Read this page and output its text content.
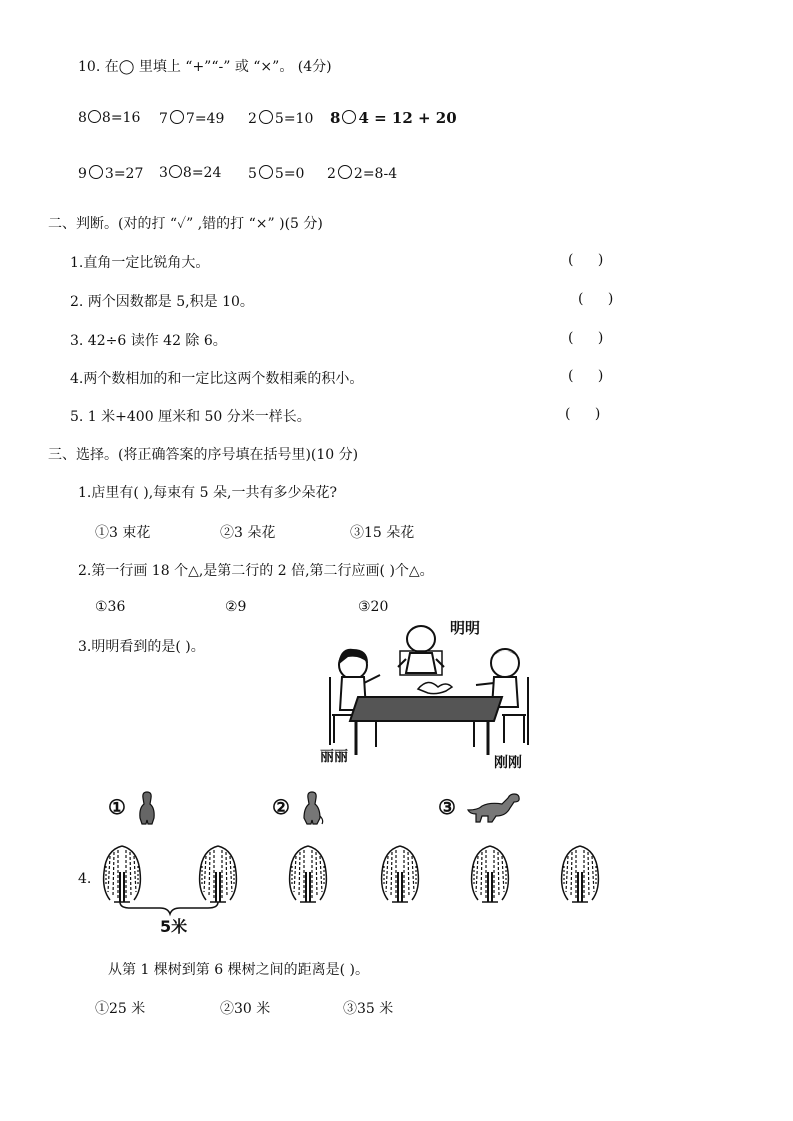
10. 在◯ 里填上 “+”“-” 或 “×”。 (4分)
8 8=16 7 7=49 2 5=10 8 4 = 12 + 20
9 3=27 3 8=24 5 5=0 2 2=8-4
二、判断。(对的打 “✓” ,错的打 “×” )(5 分)
1.直角一定比锐角大。	( )
2. 两个因数都是 5,积是 10。	( )
3. 42÷6 读作 42 除 6。	( )
4.两个数相加的和一定比这两个数相乘的积小。	( )
5. 1 米+400 厘米和 50 分米一样长。	( )
三、选择。(将正确答案的序号填在括号里)(10 分)
1.店里有( ),每束有 5 朵,一共有多少朵花?
①3 束花	②3 朵花	③15 朵花
2.第一行画 18 个△,是第二行的 2 倍,第二行应画( )个△。
①36	②9	③20
3.明明看到的是( )。
明明
丽丽	刚刚
①	②	③
4.
5米
从第 1 棵树到第 6 棵树之间的距离是( )。
①25 米	②30 米	③35 米
